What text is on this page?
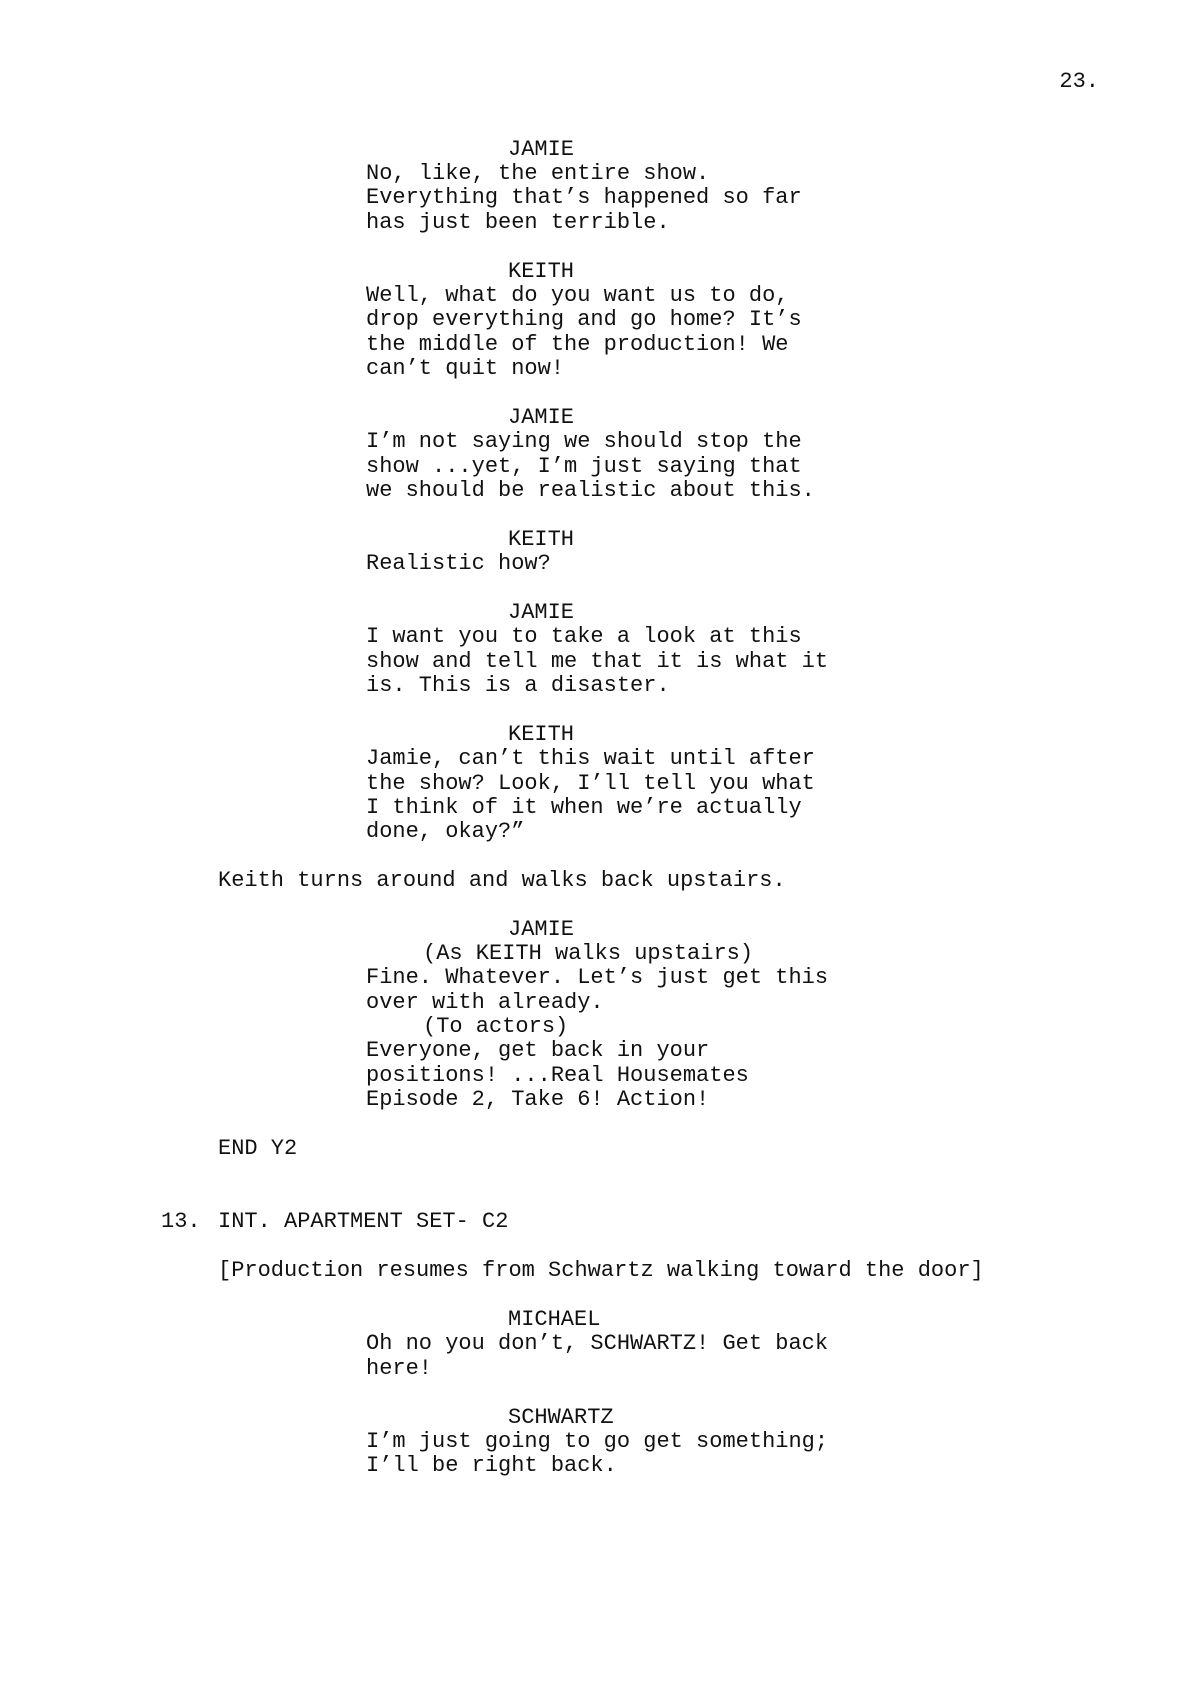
23.
JAMIE
No, like, the entire show.
Everything that’s happened so far
has just been terrible.
KEITH
Well, what do you want us to do,
drop everything and go home? It’s
the middle of the production! We
can’t quit now!
JAMIE
I’m not saying we should stop the
show ...yet, I’m just saying that
we should be realistic about this.
KEITH
Realistic how?
JAMIE
I want you to take a look at this
show and tell me that it is what it
is. This is a disaster.
KEITH
Jamie, can’t this wait until after
the show? Look, I’ll tell you what
I think of it when we’re actually
done, okay?”
Keith turns around and walks back upstairs.
JAMIE
(As KEITH walks upstairs)
Fine. Whatever. Let’s just get this
over with already.
(To actors)
Everyone, get back in your
positions! ...Real Housemates
Episode 2, Take 6! Action!
END Y2
13. INT. APARTMENT SET- C2
[Production resumes from Schwartz walking toward the door]
MICHAEL
Oh no you don’t, SCHWARTZ! Get back
here!
SCHWARTZ
I’m just going to go get something;
I’ll be right back.
